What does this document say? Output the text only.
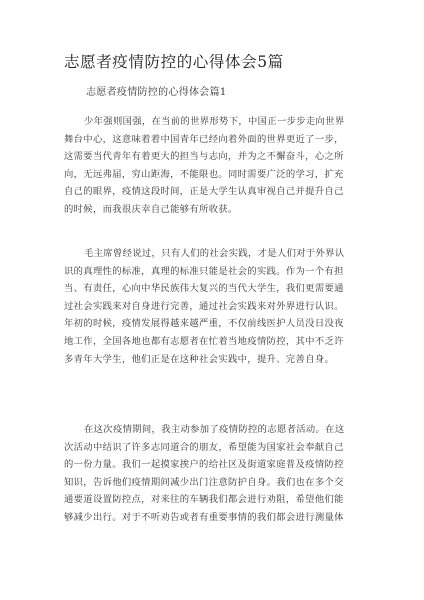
志愿者疫情防控的心得体会5篇
志愿者疫情防控的心得体会篇1
少年强则国强，在当前的世界形势下，中国正一步步走向世界
舞台中心，这意味着着中国青年已经向着外面的世界更近了一步，
这需要当代青年有着更大的担当与志向，并为之不懈奋斗，心之所
向，无远弗届，穷山距海，不能限也。同时需要广泛的学习，扩充
自己的眼界，疫情这段时间，正是大学生认真审视自己并提升自己
的时候，而我很庆幸自己能够有所收获。
毛主席曾经说过，只有人们的社会实践，才是人们对于外界认
识的真理性的标准，真理的标准只能是社会的实践。作为一个有担
当、有责任，心向中华民族伟大复兴的当代大学生，我们更需要通
过社会实践来对自身进行完善，通过社会实践来对外界进行认识。
年初的时候，疫情发展得越来越严重，不仅前线医护人员没日没夜
地工作，全国各地也都有志愿者在忙着当地疫情防控，其中不乏许
多青年大学生，他们正是在这种社会实践中，提升、完善自身。
在这次疫情期间，我主动参加了疫情防控的志愿者活动。在这
次活动中结识了许多志同道合的朋友，希望能为国家社会奉献自己
的一份力量。我们一起摸家挨户的给社区及街道家庭普及疫情防控
知识，告诉他们疫情期间减少出门注意防护自身。我们也在多个交
通要道设置防控点，对来往的车辆我们都会进行劝阻，希望他们能
够减少出行。对于不听劝告或者有重要事情的我们都会进行测量体
